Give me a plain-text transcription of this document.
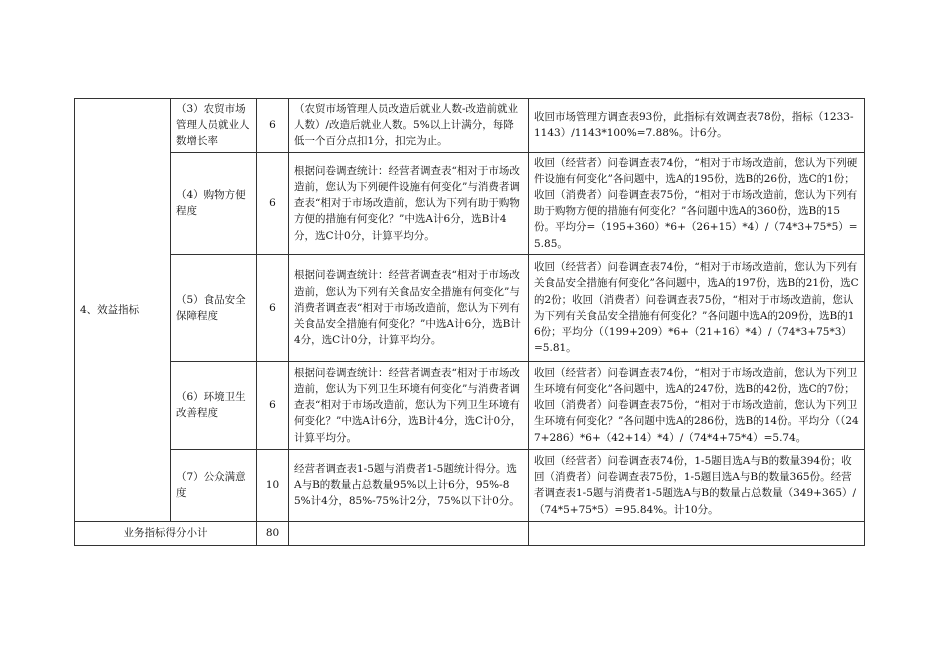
4、效益指标	（3）农贸市场管理人员就业人数增长率	6	（农贸市场管理人员改造后就业人数-改造前就业人数）/改造后就业人数。5%以上计满分，每降低一个百分点扣1分，扣完为止。	收回市场管理方调查表93份，此指标有效调查表78份，指标（1233-1143）/1143*100%=7.88%。计6分。
	（4）购物方便程度	6	根据问卷调查统计：经营者调查表“相对于市场改造前，您认为下列硬件设施有何变化”与消费者调查表“相对于市场改造前，您认为下列有助于购物方便的措施有何变化？”中选A计6分，选B计4分，选C计0分，计算平均分。	收回（经营者）问卷调查表74份，“相对于市场改造前，您认为下列硬件设施有何变化”各问题中，选A的195份，选B的26份，选C的1份；收回（消费者）问卷调查表75份，“相对于市场改造前，您认为下列有助于购物方便的措施有何变化？”各问题中选A的360份，选B的15份。平均分=（195+360）*6+（26+15）*4）/（74*3+75*5）=5.85。
	（5）食品安全保障程度	6	根据问卷调查统计：经营者调查表“相对于市场改造前，您认为下列有关食品安全措施有何变化”与消费者调查表“相对于市场改造前，您认为下列有关食品安全措施有何变化？”中选A计6分，选B计4分，选C计0分，计算平均分。	收回（经营者）问卷调查表74份，“相对于市场改造前，您认为下列有关食品安全措施有何变化”各问题中，选A的197份，选B的21份，选C的2份；收回（消费者）问卷调查表75份，“相对于市场改造前，您认为下列有关食品安全措施有何变化？”各问题中选A的209份，选B的16份；平均分（（199+209）*6+（21+16）*4）/（74*3+75*3）=5.81。
	（6）环境卫生改善程度	6	根据问卷调查统计：经营者调查表“相对于市场改造前，您认为下列卫生环境有何变化”与消费者调查表“相对于市场改造前，您认为下列卫生环境有何变化？”中选A计6分，选B计4分，选C计0分，计算平均分。	收回（经营者）问卷调查表74份，“相对于市场改造前，您认为下列卫生环境有何变化”各问题中，选A的247份，选B的42份，选C的7份；收回（消费者）问卷调查表75份，“相对于市场改造前，您认为下列卫生环境有何变化？”各问题中选A的286份，选B的14份。平均分（（247+286）*6+（42+14）*4）/（74*4+75*4）=5.74。
	（7）公众满意度	10	经营者调查表1-5题与消费者1-5题统计得分。选A与B的数量占总数量95%以上计6分，95%-85%计4分，85%-75%计2分，75%以下计0分。	收回（经营者）问卷调查表74份，1-5题目选A与B的数量394份；收回（消费者）问卷调查表75份，1-5题目选A与B的数量365份。经营者调查表1-5题与消费者1-5题选A与B的数量占总数量（349+365）/（74*5+75*5）=95.84%。计10分。
业务指标得分小计		80		
